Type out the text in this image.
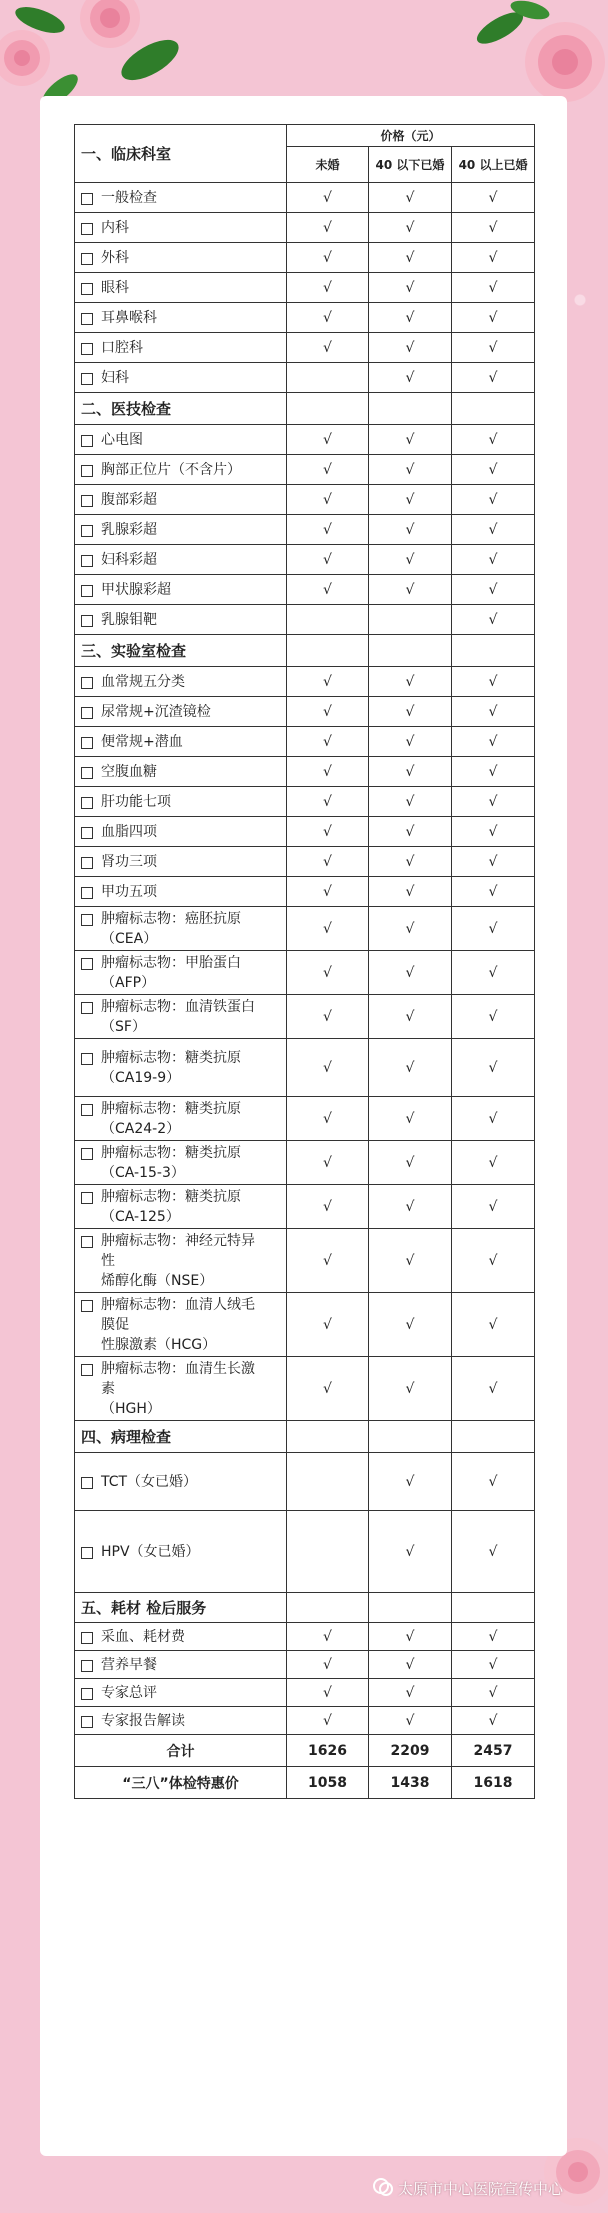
一、临床科室	价格（元）		
	未婚	40 以下已婚	40 以上已婚

一般检查	√	√	√

内科	√	√	√

外科	√	√	√

眼科	√	√	√

耳鼻喉科	√	√	√

口腔科	√	√	√

妇科		√	√
二、医技检查			

心电图	√	√	√

胸部正位片（不含片）	√	√	√

腹部彩超	√	√	√

乳腺彩超	√	√	√

妇科彩超	√	√	√

甲状腺彩超	√	√	√

乳腺钼靶			√
三、实验室检查			

血常规五分类	√	√	√

尿常规+沉渣镜检	√	√	√

便常规+潜血	√	√	√

空腹血糖	√	√	√

肝功能七项	√	√	√

血脂四项	√	√	√

肾功三项	√	√	√

甲功五项	√	√	√

肿瘤标志物：癌胚抗原
（CEA）	√	√	√

肿瘤标志物：甲胎蛋白
（AFP）	√	√	√

肿瘤标志物：血清铁蛋白
（SF）	√	√	√

肿瘤标志物：糖类抗原
（CA19-9）	√	√	√

肿瘤标志物：糖类抗原
（CA24-2）	√	√	√

肿瘤标志物：糖类抗原
（CA-15-3）	√	√	√

肿瘤标志物：糖类抗原
（CA-125）	√	√	√

肿瘤标志物：神经元特异
性
烯醇化酶（NSE）	√	√	√

肿瘤标志物：血清人绒毛
膜促
性腺激素（HCG）	√	√	√

肿瘤标志物：血清生长激
素
（HGH）	√	√	√
四、病理检查			

TCT（女已婚）		√	√

HPV（女已婚）		√	√
五、耗材 检后服务			

采血、耗材费	√	√	√

营养早餐	√	√	√

专家总评	√	√	√

专家报告解读	√	√	√
合计	1626	2209	2457
“三八”体检特惠价	1058	1438	1618
太原市中心医院宣传中心
